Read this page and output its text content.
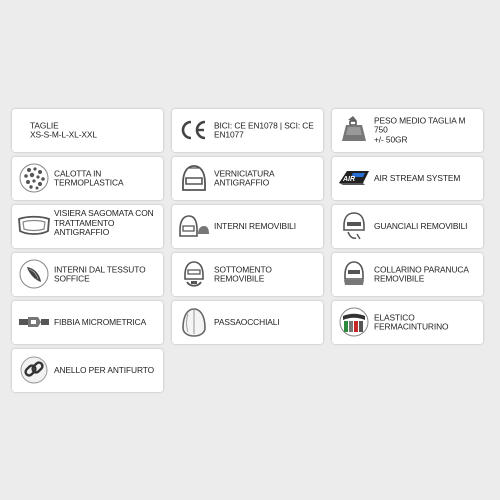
TAGLIE
XS-S-M-L-XL-XXL
BICI: CE EN1078 | SCI: CE
EN1077
PESO MEDIO TAGLIA M 750
+/- 50GR
CALOTTA IN
TERMOPLASTICA
VERNICIATURA
ANTIGRAFFIO	AIR AIR STREAM SYSTEM
VISIERA SAGOMATA CON
TRATTAMENTO
ANTIGRAFFIO
INTERNI REMOVIBILI	GUANCIALI REMOVIBILI
INTERNI DAL TESSUTO
SOFFICE
SOTTOMENTO REMOVIBILE
COLLARINO PARANUCA
REMOVIBILE
FIBBIA MICROMETRICA	PASSAOCCHIALI	ELASTICO FERMACINTURINO
ANELLO PER ANTIFURTO
